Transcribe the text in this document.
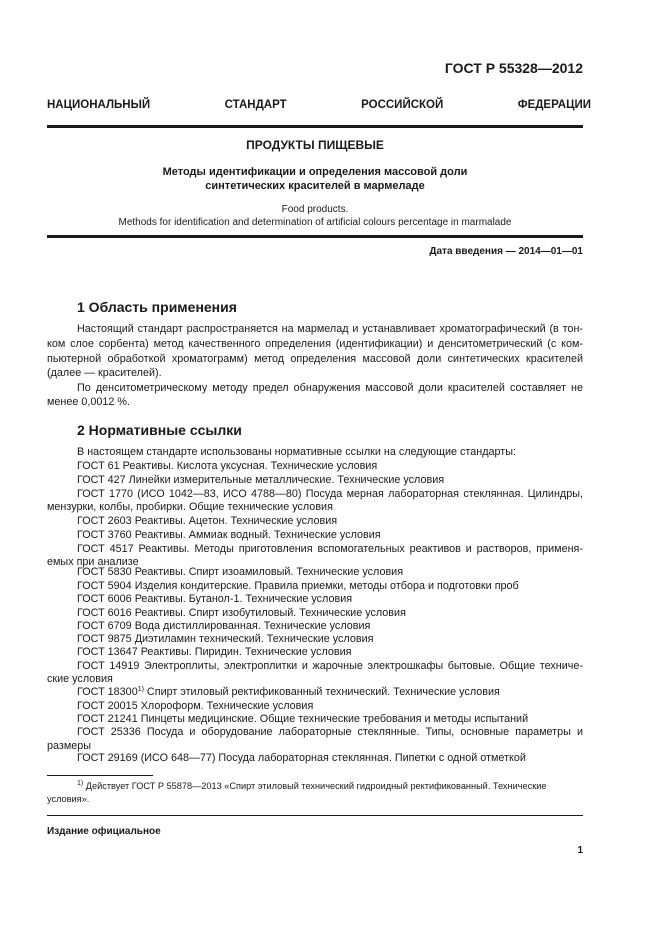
ГОСТ Р 55328—2012
НАЦИОНАЛЬНЫЙ СТАНДАРТ РОССИЙСКОЙ ФЕДЕРАЦИИ
ПРОДУКТЫ ПИЩЕВЫЕ
Методы идентификации и определения массовой доли
синтетических красителей в мармеладе
Food products.
Methods for identification and determination of artificial colours percentage in marmalade
Дата введения — 2014—01—01
1 Область применения
Настоящий стандарт распространяется на мармелад и устанавливает хроматографический (в тон-
ком слое сорбента) метод качественного определения (идентификации) и денситометрический (с ком-
пьютерной обработкой хроматограмм) метод определения массовой доли синтетических красителей
(далее — красителей).
По денситометрическому методу предел обнаружения массовой доли красителей составляет не
менее 0,0012 %.
2 Нормативные ссылки
В настоящем стандарте использованы нормативные ссылки на следующие стандарты:
ГОСТ 61 Реактивы. Кислота уксусная. Технические условия
ГОСТ 427 Линейки измерительные металлические. Технические условия
ГОСТ 1770 (ИСО 1042—83, ИСО 4788—80) Посуда мерная лабораторная стеклянная. Цилиндры,
мензурки, колбы, пробирки. Общие технические условия
ГОСТ 2603 Реактивы. Ацетон. Технические условия
ГОСТ 3760 Реактивы. Аммиак водный. Технические условия
ГОСТ 4517 Реактивы. Методы приготовления вспомогательных реактивов и растворов, применя-
емых при анализе
ГОСТ 5830 Реактивы. Спирт изоамиловый. Технические условия
ГОСТ 5904 Изделия кондитерские. Правила приемки, методы отбора и подготовки проб
ГОСТ 6006 Реактивы. Бутанол-1. Технические условия
ГОСТ 6016 Реактивы. Спирт изобутиловый. Технические условия
ГОСТ 6709 Вода дистиллированная. Технические условия
ГОСТ 9875 Диэтиламин технический. Технические условия
ГОСТ 13647 Реактивы. Пиридин. Технические условия
ГОСТ 14919 Электроплиты, электроплитки и жарочные электрошкафы бытовые. Общие техниче-
ские условия
ГОСТ 18300$^{1)}$ Спирт этиловый ректификованный технический. Технические условия
ГОСТ 20015 Хлороформ. Технические условия
ГОСТ 21241 Пинцеты медицинские. Общие технические требования и методы испытаний
ГОСТ 25336 Посуда и оборудование лабораторные стеклянные. Типы, основные параметры и
размеры
ГОСТ 29169 (ИСО 648—77) Посуда лабораторная стеклянная. Пипетки с одной отметкой
$^{1)}$ Действует ГОСТ Р 55878—2013 «Спирт этиловый технический гидроидный ректификованный. Технические
условия».
Издание официальное
1
